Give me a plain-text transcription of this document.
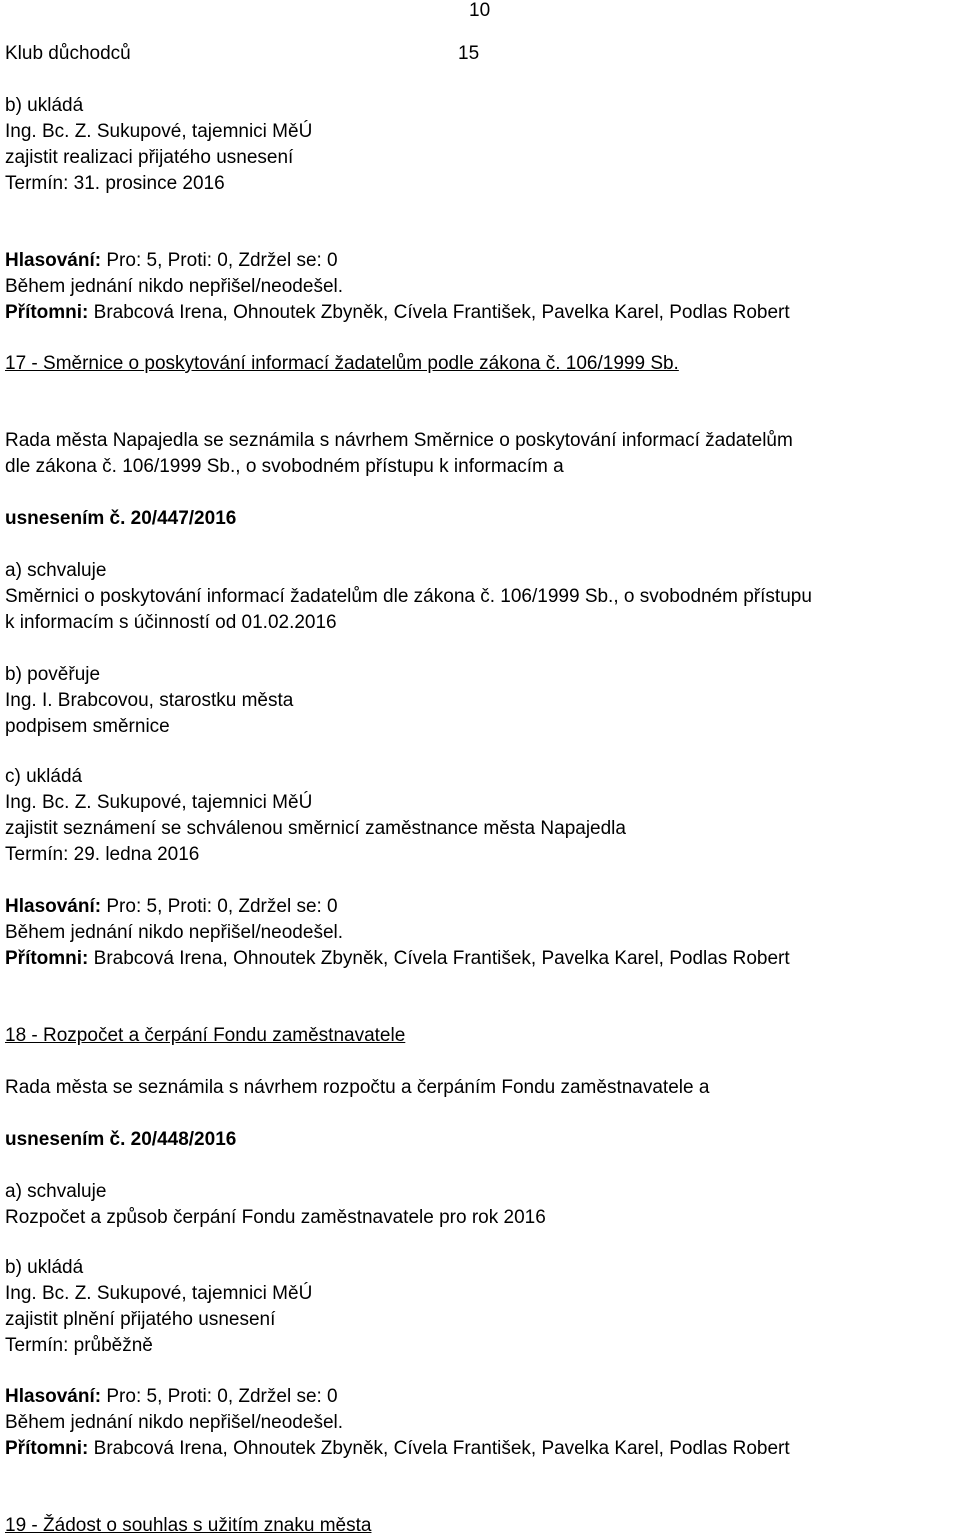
10
Klub důchodců	15
b) ukládá
Ing. Bc. Z. Sukupové, tajemnici MěÚ
zajistit realizaci přijatého usnesení
Termín: 31. prosince 2016
Hlasování: Pro: 5, Proti: 0, Zdržel se: 0
Během jednání nikdo nepřišel/neodešel.
Přítomni: Brabcová Irena, Ohnoutek Zbyněk, Cívela František, Pavelka Karel, Podlas Robert
17 - Směrnice o poskytování informací žadatelům podle zákona č. 106/1999 Sb.
Rada města Napajedla se seznámila s návrhem Směrnice o poskytování informací žadatelům
dle zákona č. 106/1999 Sb., o svobodném přístupu k informacím a
usnesením č. 20/447/2016
a) schvaluje
Směrnici o poskytování informací žadatelům dle zákona č. 106/1999 Sb., o svobodném přístupu
k informacím s účinností od 01.02.2016
b) pověřuje
Ing. I. Brabcovou, starostku města
podpisem směrnice
c) ukládá
Ing. Bc. Z. Sukupové, tajemnici MěÚ
zajistit seznámení se schválenou směrnicí zaměstnance města Napajedla
Termín: 29. ledna 2016
Hlasování: Pro: 5, Proti: 0, Zdržel se: 0
Během jednání nikdo nepřišel/neodešel.
Přítomni: Brabcová Irena, Ohnoutek Zbyněk, Cívela František, Pavelka Karel, Podlas Robert
18 - Rozpočet a čerpání Fondu zaměstnavatele
Rada města se seznámila s návrhem rozpočtu a čerpáním Fondu zaměstnavatele a
usnesením č. 20/448/2016
a) schvaluje
Rozpočet a způsob čerpání Fondu zaměstnavatele pro rok 2016
b) ukládá
Ing. Bc. Z. Sukupové, tajemnici MěÚ
zajistit plnění přijatého usnesení
Termín: průběžně
Hlasování: Pro: 5, Proti: 0, Zdržel se: 0
Během jednání nikdo nepřišel/neodešel.
Přítomni: Brabcová Irena, Ohnoutek Zbyněk, Cívela František, Pavelka Karel, Podlas Robert
19 - Žádost o souhlas s užitím znaku města
